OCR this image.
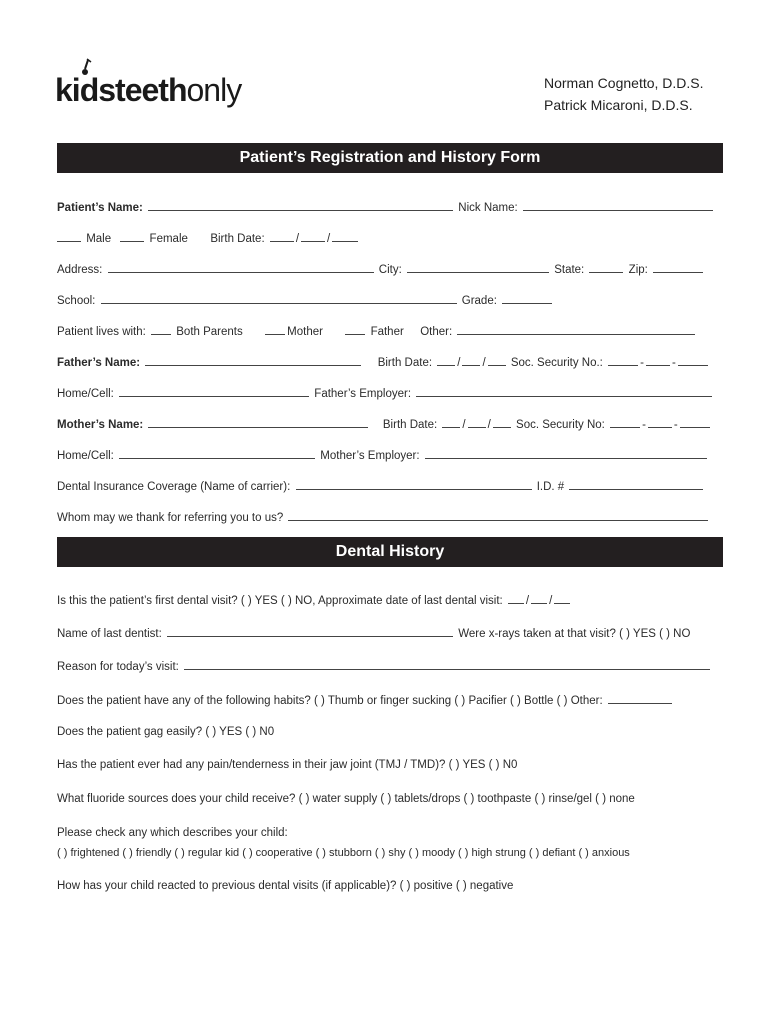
kidsteethonly	Norman Cognetto, D.D.S.
Patrick Micaroni, D.D.S.
Patient’s Registration and History Form
Patient’s Name:	Nick Name:
Male	Female Birth Date:	/ /
Address:	City:	State:	Zip:
School:	Grade:
Patient lives with:	Both Parents	Mother	Father Other:
Father’s Name:	Birth Date: / / Soc. Security No.:	- -
Home/Cell:	Father’s Employer:
Mother’s Name:	Birth Date: / / Soc. Security No:	- -
Home/Cell:	Mother’s Employer:
Dental Insurance Coverage (Name of carrier):	I.D. #
Whom may we thank for referring you to us?
Dental History
Is this the patient’s first dental visit? ( ) YES ( ) NO, Approximate date of last dental visit: / /
Name of last dentist:	Were x-rays taken at that visit? ( ) YES ( ) NO
Reason for today’s visit:
Does the patient have any of the following habits? ( ) Thumb or finger sucking ( ) Pacifier ( ) Bottle ( ) Other:
Does the patient gag easily? ( ) YES ( ) N0
Has the patient ever had any pain/tenderness in their jaw joint (TMJ / TMD)? ( ) YES ( ) N0
What fluoride sources does your child receive? ( ) water supply ( ) tablets/drops ( ) toothpaste ( ) rinse/gel ( ) none
Please check any which describes your child:
( ) frightened ( ) friendly ( ) regular kid ( ) cooperative ( ) stubborn ( ) shy ( ) moody ( ) high strung ( ) defiant ( ) anxious
How has your child reacted to previous dental visits (if applicable)? ( ) positive ( ) negative
